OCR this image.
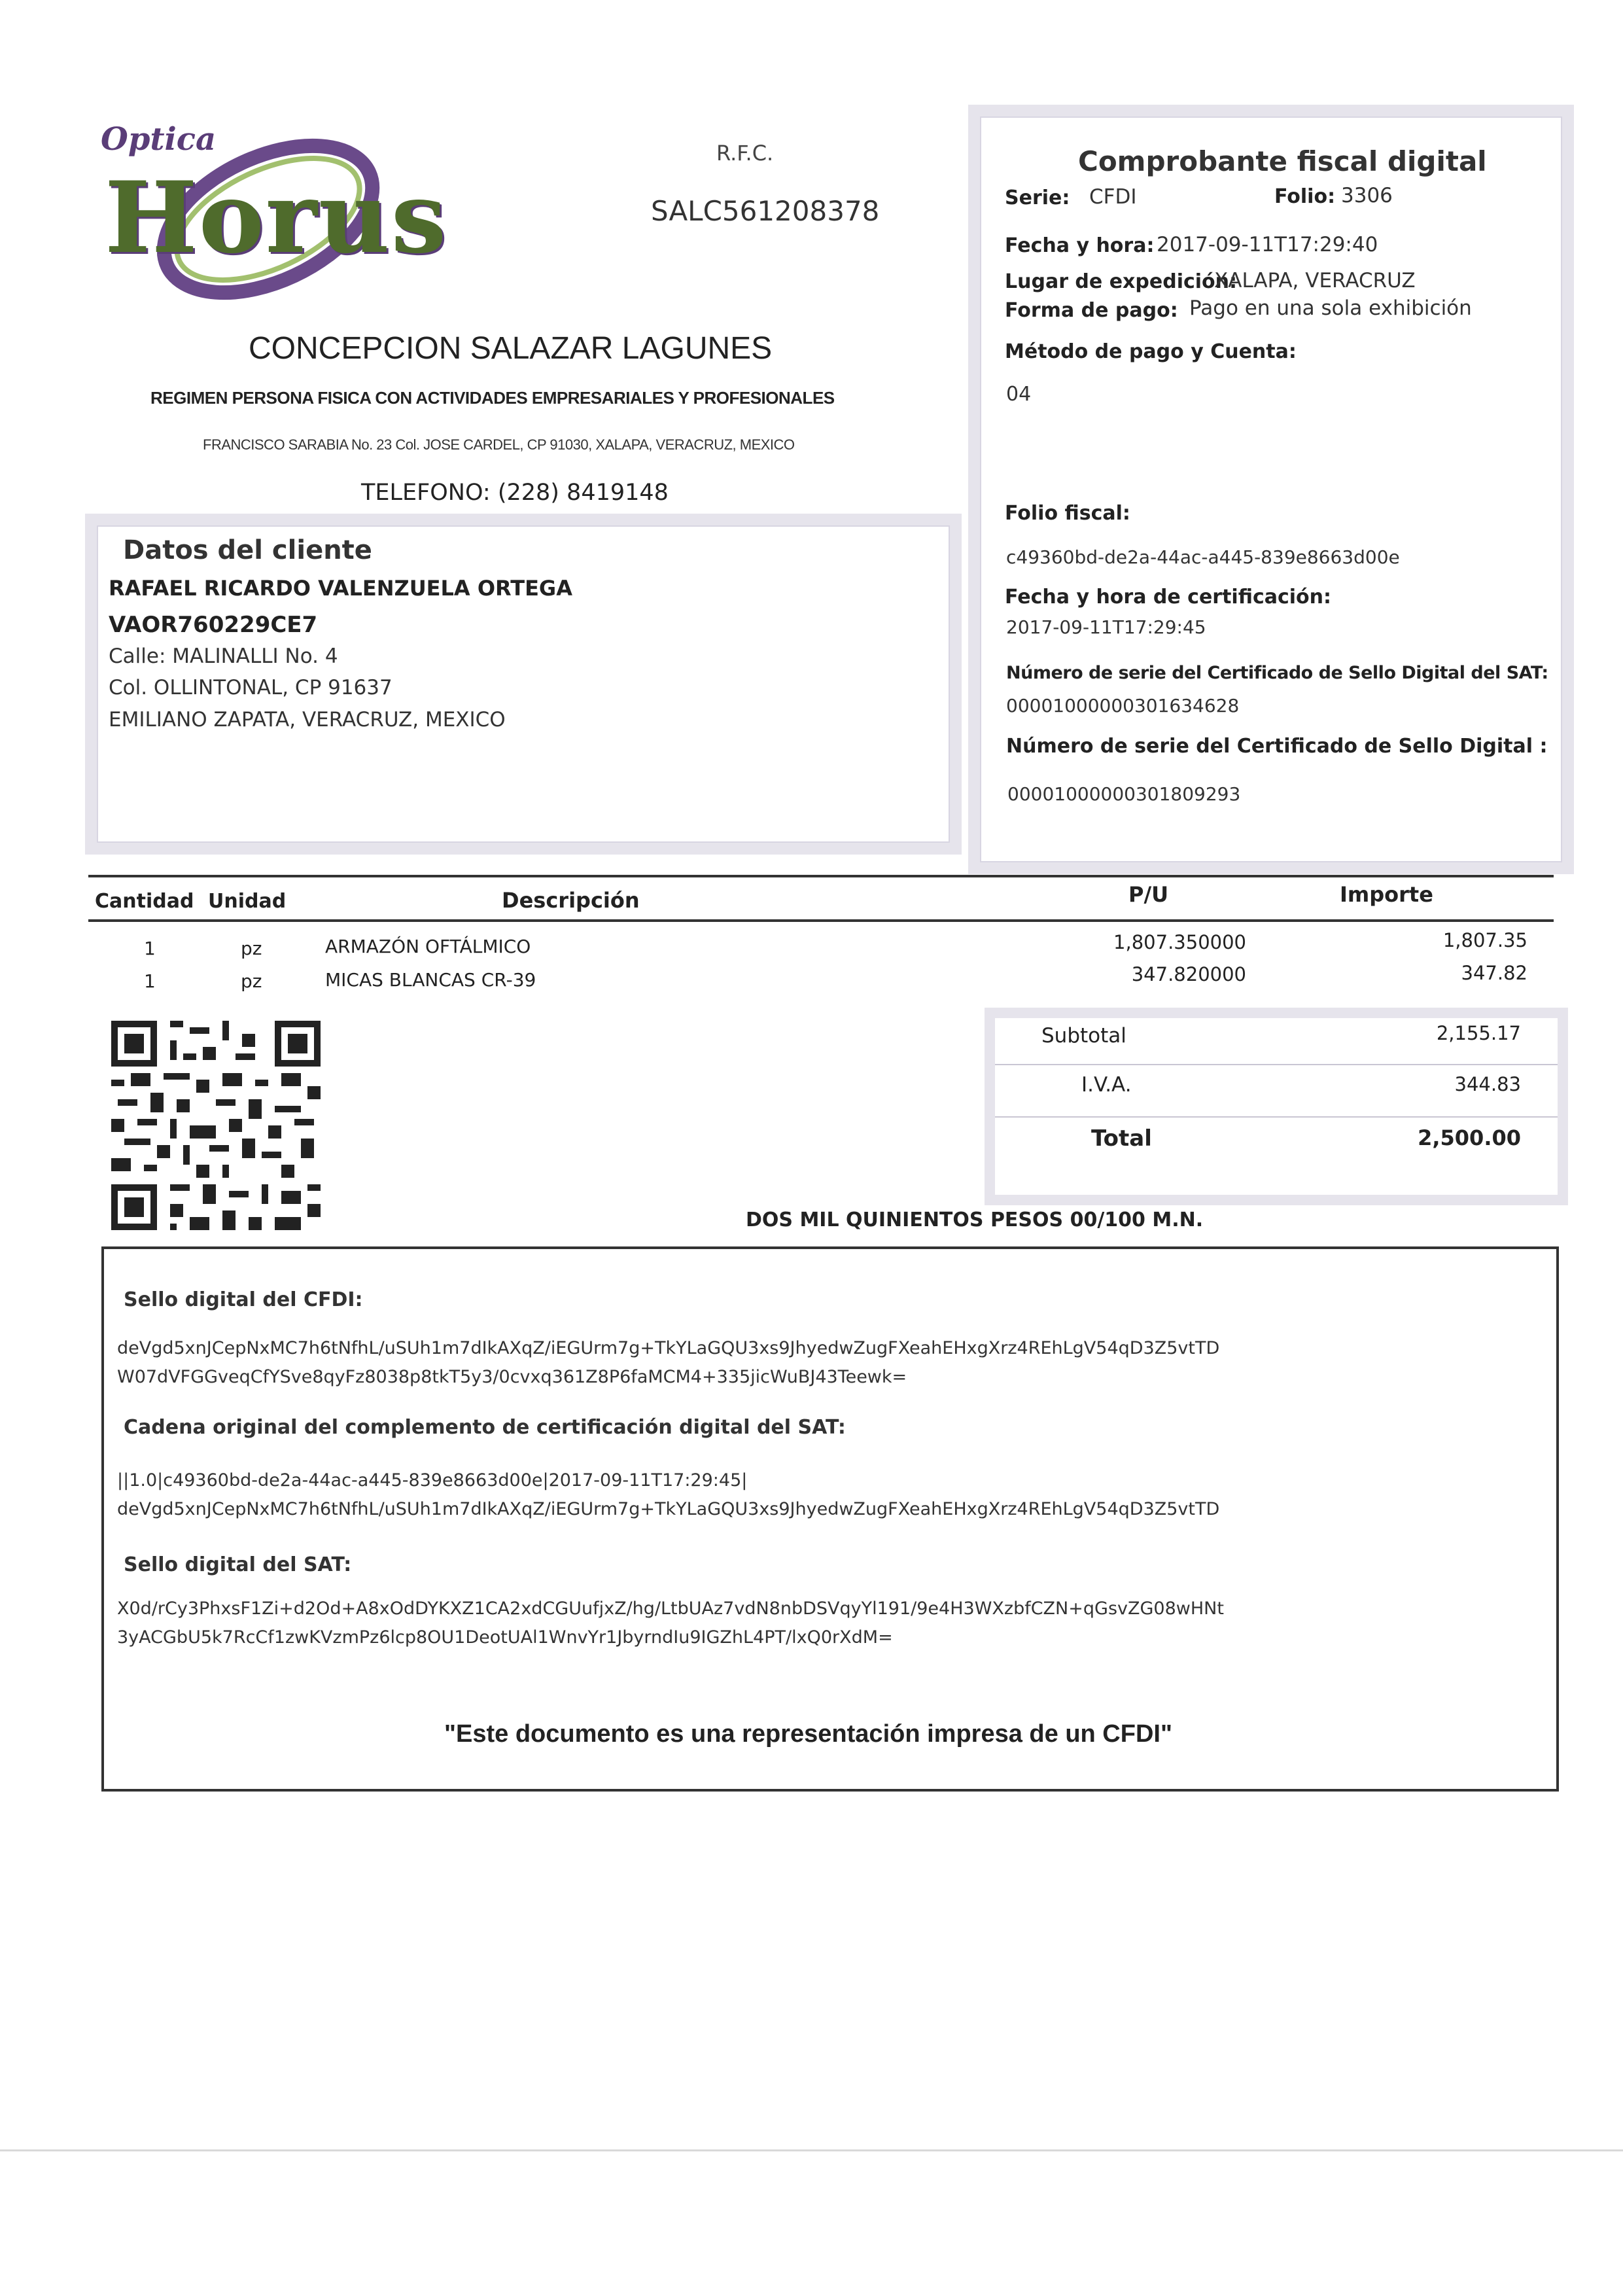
Optica
Horus
R.F.C.
SALC561208378
CONCEPCION SALAZAR LAGUNES
REGIMEN PERSONA FISICA CON ACTIVIDADES EMPRESARIALES Y PROFESIONALES
FRANCISCO SARABIA No. 23 Col. JOSE CARDEL, CP 91030, XALAPA, VERACRUZ, MEXICO
TELEFONO: (228) 8419148
Comprobante fiscal digital
Serie: CFDI	Folio: 3306
Fecha y hora: 2017-09-11T17:29:40
Lugar de expedición:
XALAPA, VERACRUZ
Forma de pago: Pago en una sola exhibición
Método de pago y Cuenta:
04
Folio fiscal:
c49360bd-de2a-44ac-a445-839e8663d00e
Fecha y hora de certificación:
2017-09-11T17:29:45
Número de serie del Certificado de Sello Digital del SAT:
00001000000301634628
Número de serie del Certificado de Sello Digital :
00001000000301809293
Datos del cliente
RAFAEL RICARDO VALENZUELA ORTEGA
VAOR760229CE7
Calle: MALINALLI No. 4
Col. OLLINTONAL, CP 91637
EMILIANO ZAPATA, VERACRUZ, MEXICO
Cantidad Unidad	Descripción	P/U	Importe
1	pz	ARMAZÓN OFTÁLMICO	1,807.350000	1,807.35
1	pz	MICAS BLANCAS CR-39	347.820000	347.82
Subtotal	2,155.17
I.V.A.	344.83
Total	2,500.00
DOS MIL QUINIENTOS PESOS 00/100 M.N.
Sello digital del CFDI:
deVgd5xnJCepNxMC7h6tNfhL/uSUh1m7dIkAXqZ/iEGUrm7g+TkYLaGQU3xs9JhyedwZugFXeahEHxgXrz4REhLgV54qD3Z5vtTD
W07dVFGGveqCfYSve8qyFz8038p8tkT5y3/0cvxq361Z8P6faMCM4+335jicWuBJ43Teewk=
Cadena original del complemento de certificación digital del SAT:
||1.0|c49360bd-de2a-44ac-a445-839e8663d00e|2017-09-11T17:29:45|
deVgd5xnJCepNxMC7h6tNfhL/uSUh1m7dIkAXqZ/iEGUrm7g+TkYLaGQU3xs9JhyedwZugFXeahEHxgXrz4REhLgV54qD3Z5vtTD
Sello digital del SAT:
X0d/rCy3PhxsF1Zi+d2Od+A8xOdDYKXZ1CA2xdCGUufjxZ/hg/LtbUAz7vdN8nbDSVqyYl191/9e4H3WXzbfCZN+qGsvZG08wHNt
3yACGbU5k7RcCf1zwKVzmPz6lcp8OU1DeotUAl1WnvYr1JbyrndIu9IGZhL4PT/lxQ0rXdM=
"Este documento es una representación impresa de un CFDI"
